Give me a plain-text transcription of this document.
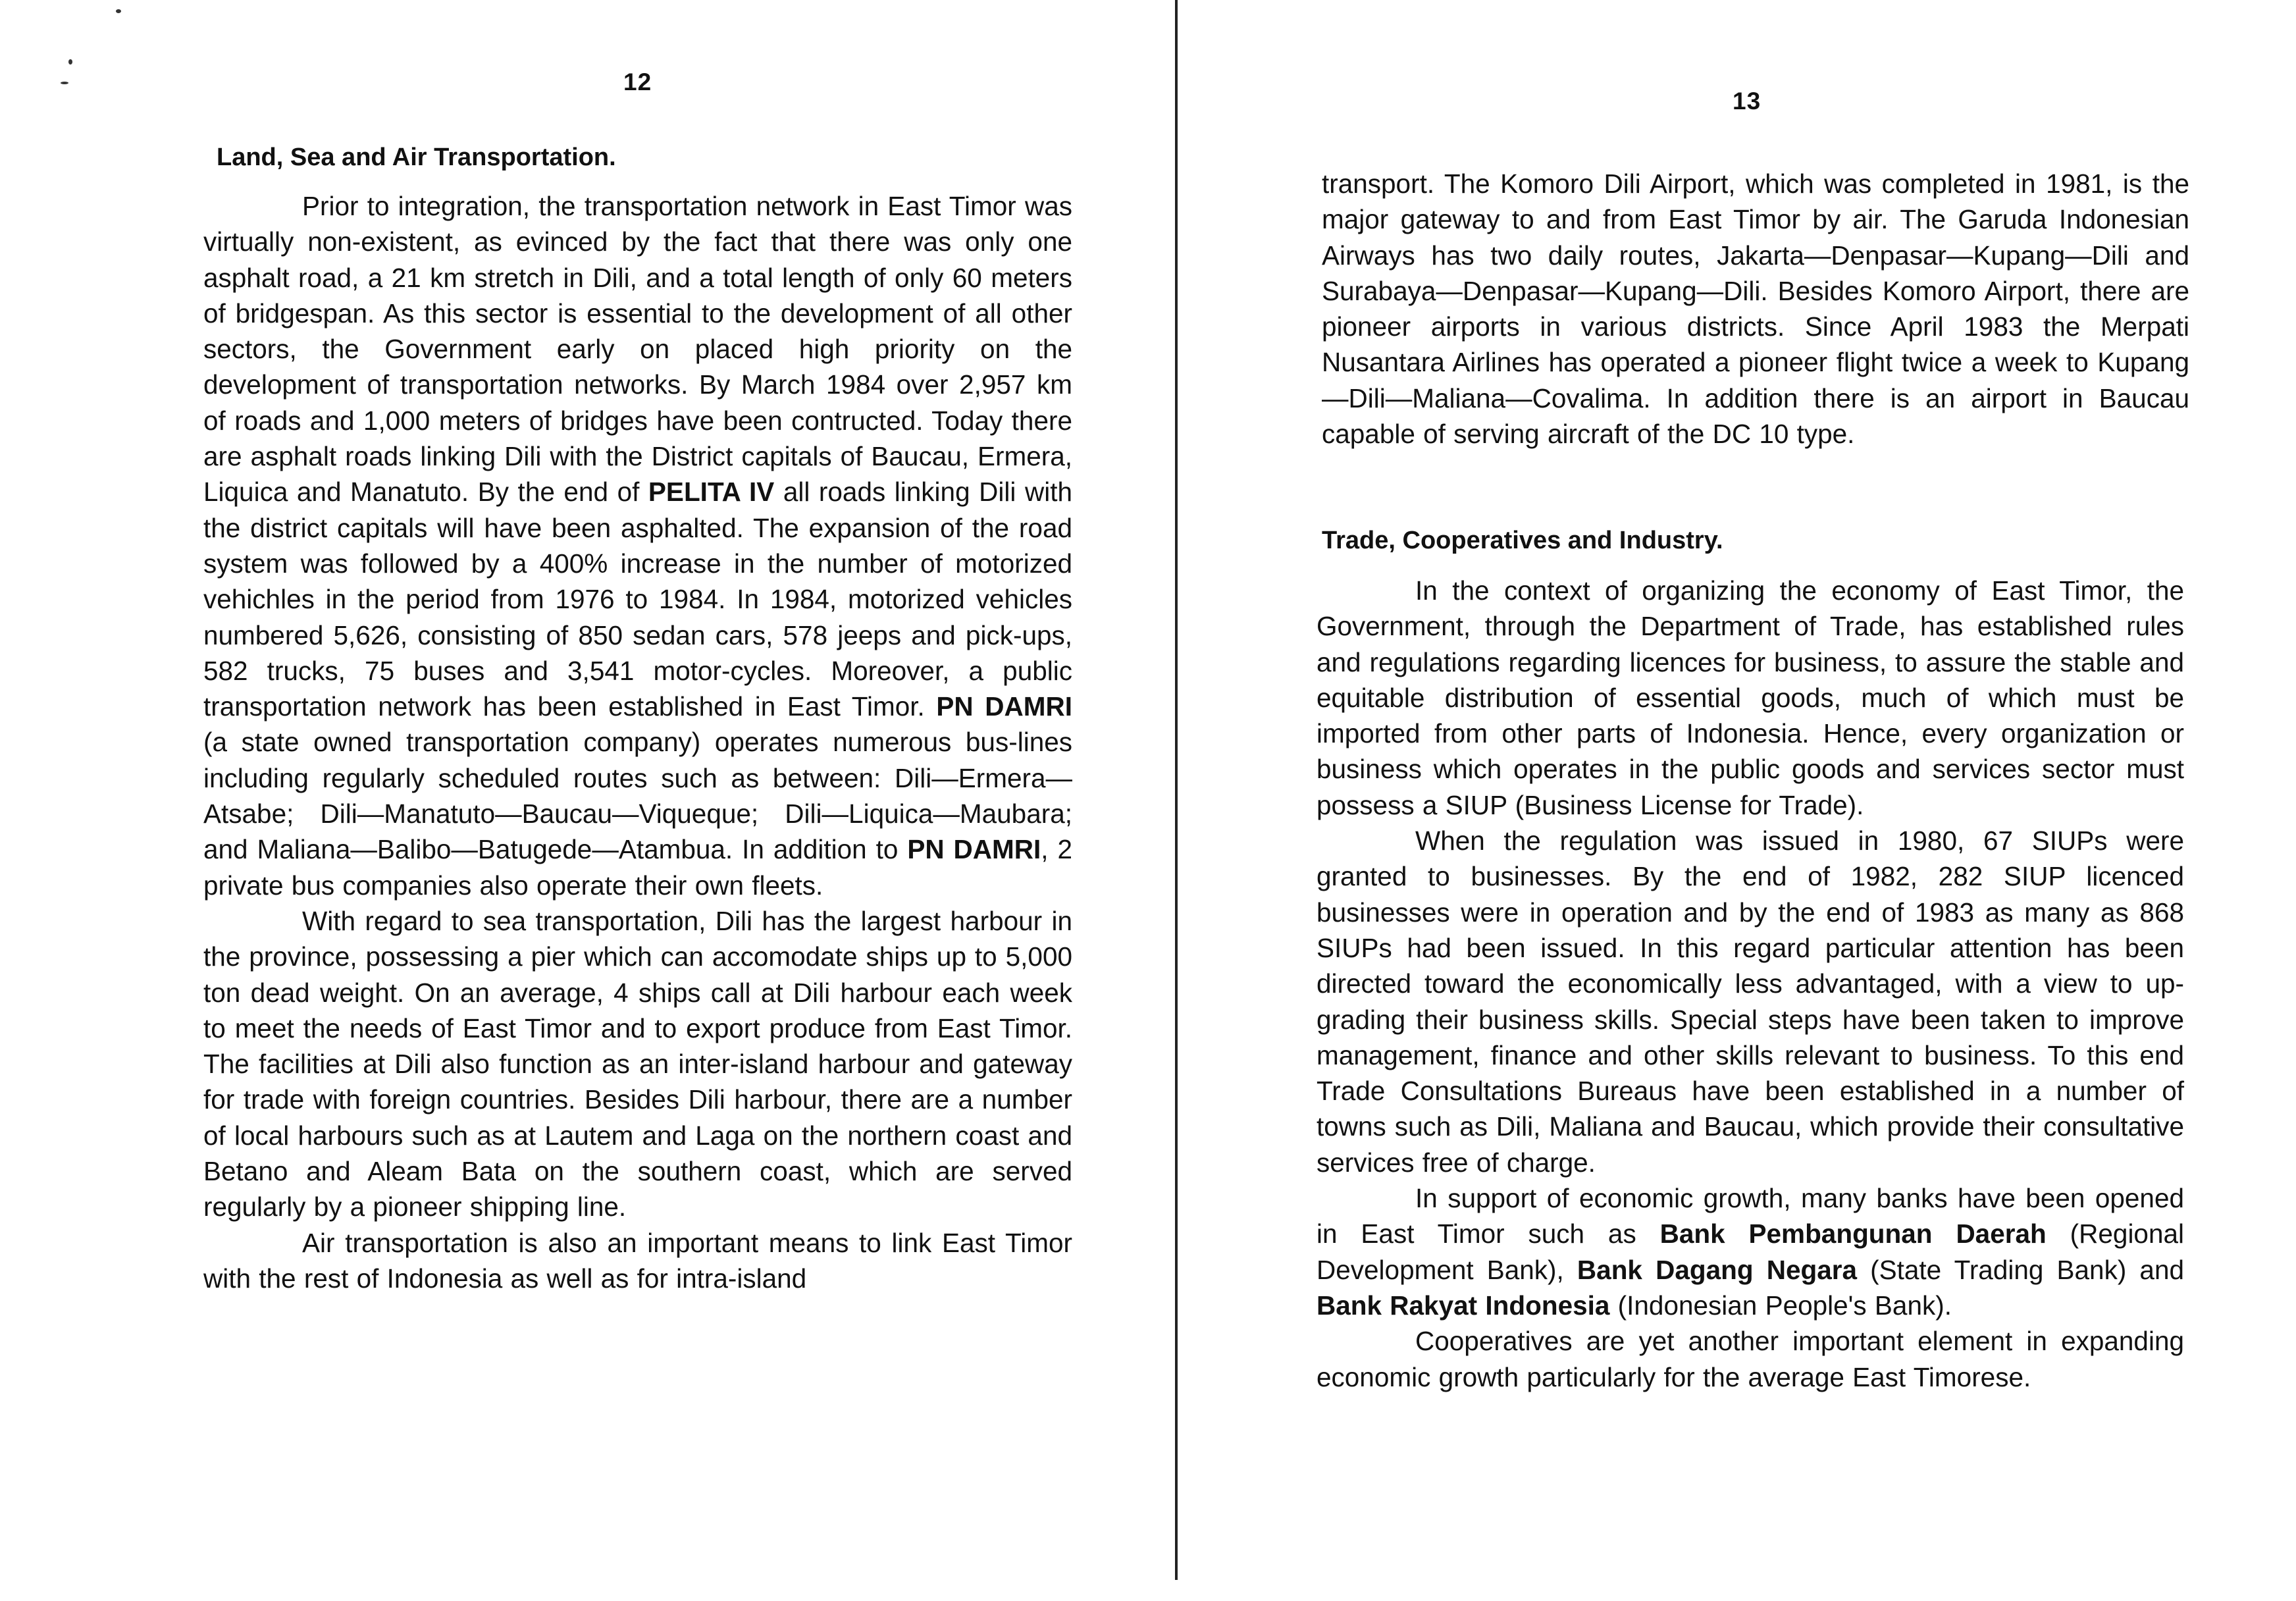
12
Land, Sea and Air Transportation.

Prior to integration, the transportation network in East Timor was virtually non-existent, as evinced by the fact that there was only one asphalt road, a 21 km stretch in Dili, and a total length of only 60 meters of bridgespan. As this sector is essential to the development of all other sectors, the Government early on placed high priority on the development of transportation networks. By March 1984 over 2,957 km of roads and 1,000 meters of bridges have been contructed. Today there are asphalt roads linking Dili with the District capitals of Baucau, Ermera, Liquica and Manatuto. By the end of PELITA IV all roads linking Dili with the district capitals will have been asphalted. The expansion of the road system was followed by a 400% increase in the number of motorized vehichles in the period from 1976 to 1984. In 1984, motorized vehicles numbered 5,626, consisting of 850 sedan cars, 578 jeeps and pick-ups, 582 trucks, 75 buses and 3,541 motor-cycles. Moreover, a public transportation network has been established in East Timor. PN DAMRI (a state owned transportation company) operates numerous bus-lines including regularly scheduled routes such as between: Dili—Ermera—Atsabe; Dili—Manatuto—Baucau—Viqueque; Dili—Liquica—Maubara; and Maliana—Balibo—Batugede—Atambua. In addition to PN DAMRI, 2 private bus companies also operate their own fleets.

With regard to sea transportation, Dili has the largest harbour in the province, possessing a pier which can accomodate ships up to 5,000 ton dead weight. On an average, 4 ships call at Dili harbour each week to meet the needs of East Timor and to export produce from East Timor. The facilities at Dili also function as an inter-island harbour and gateway for trade with foreign countries. Besides Dili harbour, there are a number of local harbours such as at Lautem and Laga on the northern coast and Betano and Aleam Bata on the southern coast, which are served regularly by a pioneer shipping line.

Air transportation is also an important means to link East Timor with the rest of Indonesia as well as for intra-island

13

transport. The Komoro Dili Airport, which was completed in 1981, is the major gateway to and from East Timor by air. The Garuda Indonesian Airways has two daily routes, Jakarta—Denpasar—Kupang—Dili and Surabaya—Denpasar—Kupang—Dili. Besides Komoro Airport, there are pioneer airports in various districts. Since April 1983 the Merpati Nusantara Airlines has operated a pioneer flight twice a week to Kupang—Dili—Maliana—Covalima. In addition there is an airport in Baucau capable of serving aircraft of the DC 10 type.

Trade, Cooperatives and Industry.

In the context of organizing the economy of East Timor, the Government, through the Department of Trade, has established rules and regulations regarding licences for business, to assure the stable and equitable distribution of essential goods, much of which must be imported from other parts of Indonesia. Hence, every organization or business which operates in the public goods and services sector must possess a SIUP (Business License for Trade).

When the regulation was issued in 1980, 67 SIUPs were granted to businesses. By the end of 1982, 282 SIUP licenced businesses were in operation and by the end of 1983 as many as 868 SIUPs had been issued. In this regard particular attention has been directed toward the economically less advantaged, with a view to up-grading their business skills. Special steps have been taken to improve management, finance and other skills relevant to business. To this end Trade Consultations Bureaus have been established in a number of towns such as Dili, Maliana and Baucau, which provide their consultative services free of charge.

In support of economic growth, many banks have been opened in East Timor such as Bank Pembangunan Daerah (Regional Development Bank), Bank Dagang Negara (State Trading Bank) and Bank Rakyat Indonesia (Indonesian People's Bank).

Cooperatives are yet another important element in expanding economic growth particularly for the average East Timorese.
